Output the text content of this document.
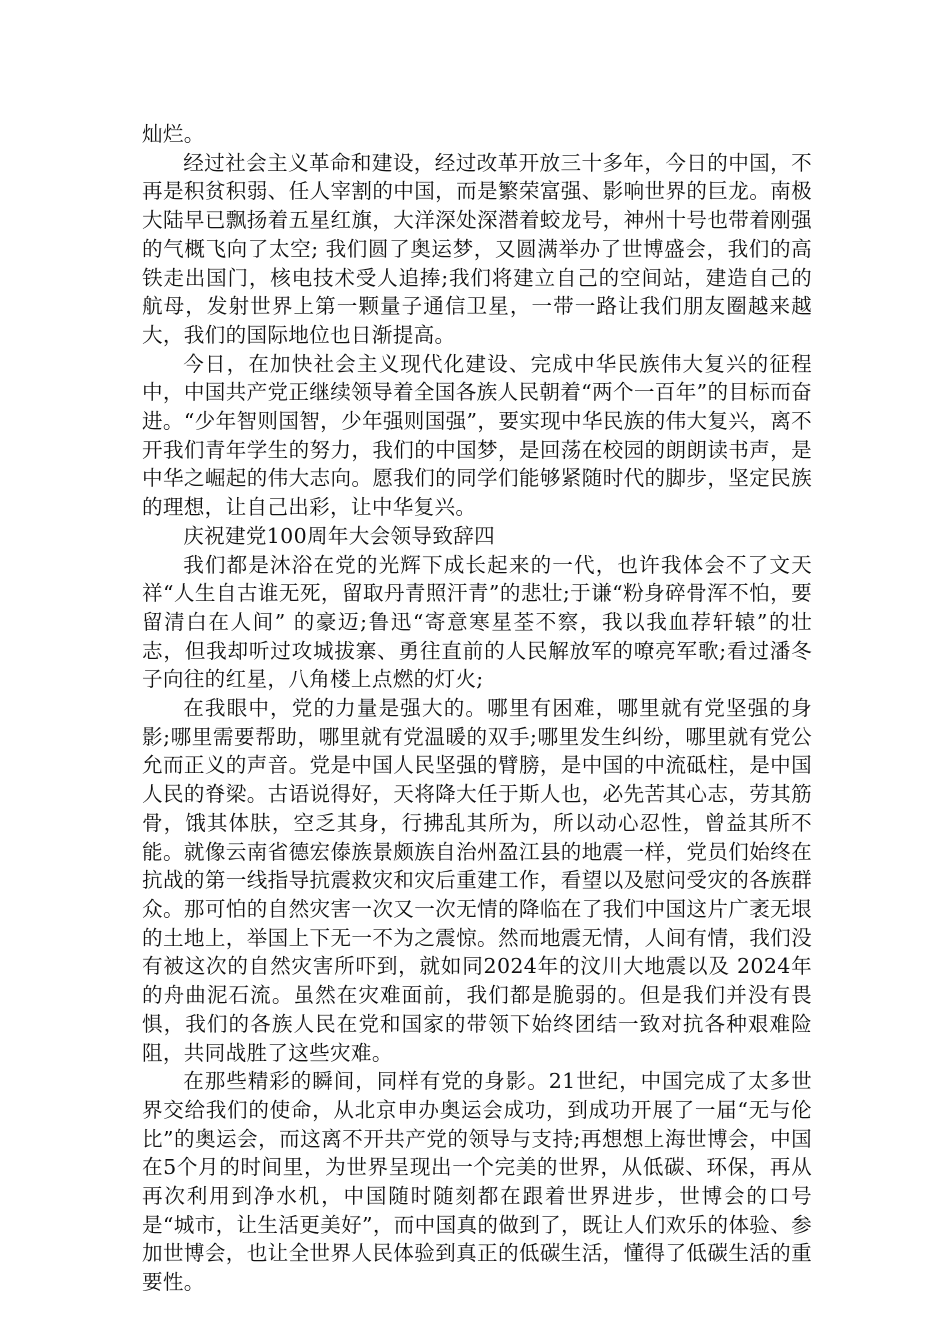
灿烂。

经过社会主义革命和建设，经过改革开放三十多年，今日的中国，不再是积贫积弱、任人宰割的中国，而是繁荣富强、影响世界的巨龙。南极大陆早已飘扬着五星红旗，大洋深处深潜着蛟龙号，神州十号也带着刚强的气概飞向了太空; 我们圆了奥运梦，又圆满举办了世博盛会，我们的高铁走出国门，核电技术受人追捧;我们将建立自己的空间站，建造自己的航母，发射世界上第一颗量子通信卫星，一带一路让我们朋友圈越来越大，我们的国际地位也日渐提高。

今日，在加快社会主义现代化建设、完成中华民族伟大复兴的征程中，中国共产党正继续领导着全国各族人民朝着“两个一百年”的目标而奋进。“少年智则国智，少年强则国强”，要实现中华民族的伟大复兴，离不开我们青年学生的努力，我们的中国梦，是回荡在校园的朗朗读书声，是中华之崛起的伟大志向。愿我们的同学们能够紧随时代的脚步，坚定民族的理想，让自己出彩，让中华复兴。

庆祝建党100周年大会领导致辞四

我们都是沐浴在党的光辉下成长起来的一代，也许我体会不了文天祥“人生自古谁无死，留取丹青照汗青”的悲壮;于谦“粉身碎骨浑不怕，要留清白在人间” 的豪迈;鲁迅“寄意寒星荃不察，我以我血荐轩辕”的壮志，但我却听过攻城拔寨、勇往直前的人民解放军的嘹亮军歌;看过潘冬子向往的红星，八角楼上点燃的灯火;

在我眼中，党的力量是强大的。哪里有困难，哪里就有党坚强的身影;哪里需要帮助，哪里就有党温暖的双手;哪里发生纠纷，哪里就有党公允而正义的声音。党是中国人民坚强的臂膀，是中国的中流砥柱，是中国人民的脊梁。古语说得好，天将降大任于斯人也，必先苦其心志，劳其筋骨，饿其体肤，空乏其身，行拂乱其所为，所以动心忍性，曾益其所不能。就像云南省德宏傣族景颇族自治州盈江县的地震一样，党员们始终在抗战的第一线指导抗震救灾和灾后重建工作，看望以及慰问受灾的各族群众。那可怕的自然灾害一次又一次无情的降临在了我们中国这片广袤无垠的土地上，举国上下无一不为之震惊。然而地震无情，人间有情，我们没有被这次的自然灾害所吓到，就如同2024年的汶川大地震以及 2024年的舟曲泥石流。虽然在灾难面前，我们都是脆弱的。但是我们并没有畏惧，我们的各族人民在党和国家的带领下始终团结一致对抗各种艰难险阻，共同战胜了这些灾难。

在那些精彩的瞬间，同样有党的身影。21世纪，中国完成了太多世界交给我们的使命，从北京申办奥运会成功，到成功开展了一届“无与伦比”的奥运会，而这离不开共产党的领导与支持;再想想上海世博会，中国在5个月的时间里，为世界呈现出一个完美的世界，从低碳、环保，再从再次利用到净水机，中国随时随刻都在跟着世界进步，世博会的口号是“城市，让生活更美好”，而中国真的做到了，既让人们欢乐的体验、参加世博会，也让全世界人民体验到真正的低碳生活，懂得了低碳生活的重要性。
